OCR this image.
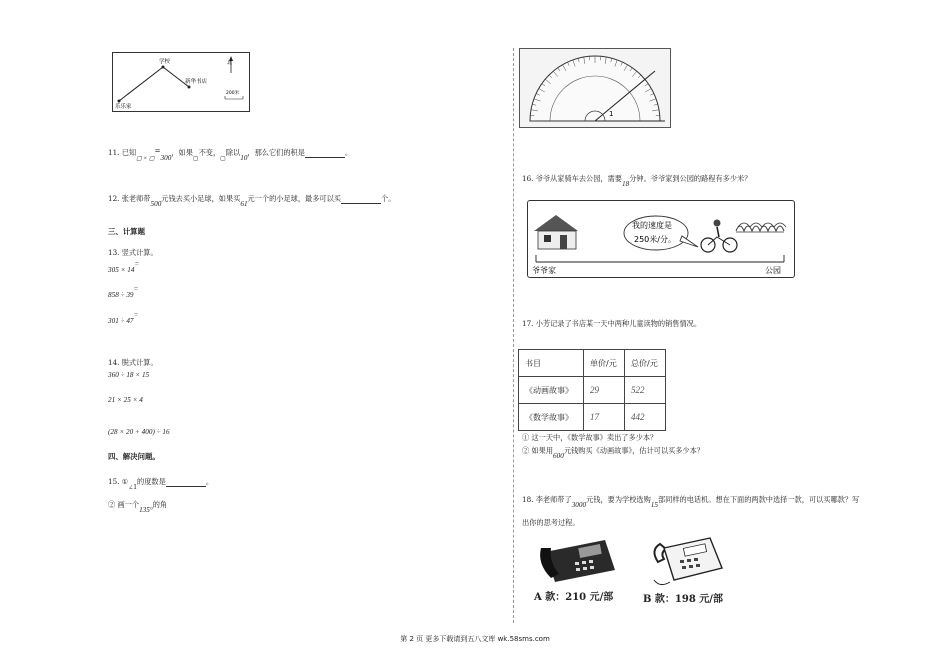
学校
新华书店
乐乐家
北
200米
11. 已知$_{▢ \times ▢}$=300，如果$_▢$不变，$_▢$除以10，那么它们的积是	。
12. 张老师带500元钱去买小足球，如果买61元一个的小足球，最多可以买	个。
三、计算题
13. 竖式计算。
305 × 14=
858 ÷ 39=
301 ÷ 47=
14. 脱式计算。
360 ÷ 18 × 15
21 × 25 × 4
(28 × 20 + 400) ÷ 16
四、解决问题。
15. $①_{\angle 1}$的度数是	。
② 画一个135°的角
1
16. 爷爷从家骑车去公园，需要18分钟。爷爷家到公园的路程有多少米？
我的速度是
250米/分。
爷爷家	公园
17. 小芳记录了书店某一天中两种儿童读物的销售情况。
书目	单价/元	总价/元
《动画故事》	29	522
《数学故事》	17	442
① 这一天中，《数学故事》卖出了多少本？
② 如果用600元钱购买《动画故事》，估计可以买多少本？
18. 李老师带了3000元钱，要为学校选购15部同样的电话机。想在下面的两款中选择一款，可以买哪款？写
出你的思考过程。
A 款：210 元/部	B 款：198 元/部
第 2 页 更多下载请到五八文库 wk.58sms.com
